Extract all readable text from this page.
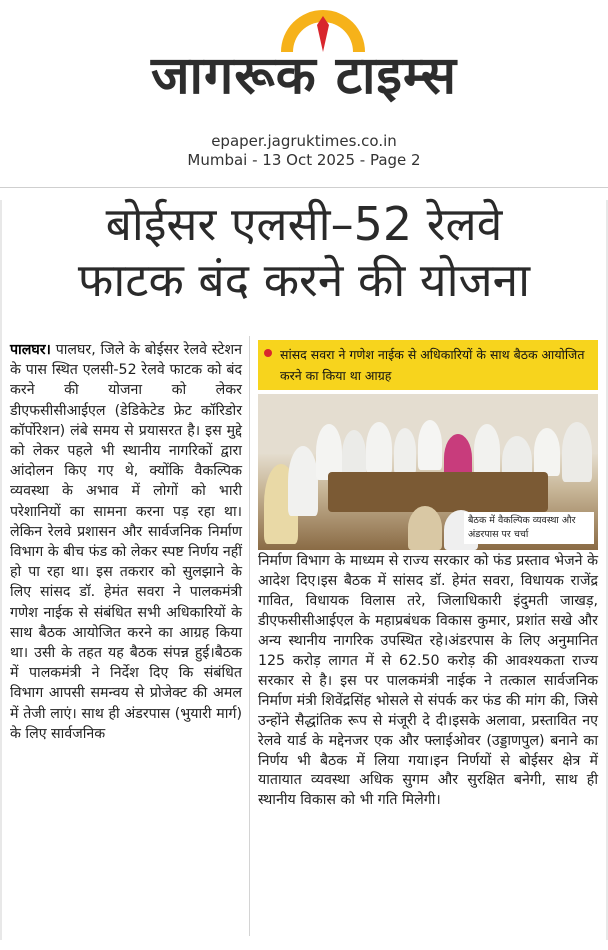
जागरूक टाइम्स
epaper.jagruktimes.co.in
Mumbai - 13 Oct 2025 - Page 2
बोईसर एलसी–52 रेलवे
फाटक बंद करने की योजना
पालघर। पालघर, जिले के बोईसर रेलवे स्टेशन के पास स्थित एलसी-52 रेलवे फाटक को बंद करने की योजना को लेकर डीएफसीसीआईएल (डेडिकेटेड फ्रेट कॉरिडोर कॉर्पोरेशन) लंबे समय से प्रयासरत है। इस मुद्दे को लेकर पहले भी स्थानीय नागरिकों द्वारा आंदोलन किए गए थे, क्योंकि वैकल्पिक व्यवस्था के अभाव में लोगों को भारी परेशानियों का सामना करना पड़ रहा था। लेकिन रेलवे प्रशासन और सार्वजनिक निर्माण विभाग के बीच फंड को लेकर स्पष्ट निर्णय नहीं हो पा रहा था। इस तकरार को सुलझाने के लिए सांसद डॉ. हेमंत सवरा ने पालकमंत्री गणेश नाईक से संबंधित सभी अधिकारियों के साथ बैठक आयोजित करने का आग्रह किया था। उसी के तहत यह बैठक संपन्न हुई।बैठक में पालकमंत्री ने निर्देश दिए कि संबंधित विभाग आपसी समन्वय से प्रोजेक्ट की अमल में तेजी लाएं। साथ ही अंडरपास (भुयारी मार्ग) के लिए सार्वजनिक
सांसद सवरा ने गणेश नाईक से अधिकारियों के साथ बैठक आयोजित करने का किया था आग्रह
बैठक में वैकल्पिक व्यवस्था और अंडरपास पर चर्चा
निर्माण विभाग के माध्यम से राज्य सरकार को फंड प्रस्ताव भेजने के आदेश दिए।इस बैठक में सांसद डॉ. हेमंत सवरा, विधायक राजेंद्र गावित, विधायक विलास तरे, जिलाधिकारी इंदुमती जाखड़, डीएफसीसीआईएल के महाप्रबंधक विकास कुमार, प्रशांत सखे और अन्य स्थानीय नागरिक उपस्थित रहे।अंडरपास के लिए अनुमानित 125 करोड़ लागत में से 62.50 करोड़ की आवश्यकता राज्य सरकार से है। इस पर पालकमंत्री नाईक ने तत्काल सार्वजनिक निर्माण मंत्री शिवेंद्रसिंह भोसले से संपर्क कर फंड की मांग की, जिसे उन्होंने सैद्धांतिक रूप से मंजूरी दे दी।इसके अलावा, प्रस्तावित नए रेलवे यार्ड के मद्देनजर एक और फ्लाईओवर (उड्डाणपुल) बनाने का निर्णय भी बैठक में लिया गया।इन निर्णयों से बोईसर क्षेत्र में यातायात व्यवस्था अधिक सुगम और सुरक्षित बनेगी, साथ ही स्थानीय विकास को भी गति मिलेगी।
